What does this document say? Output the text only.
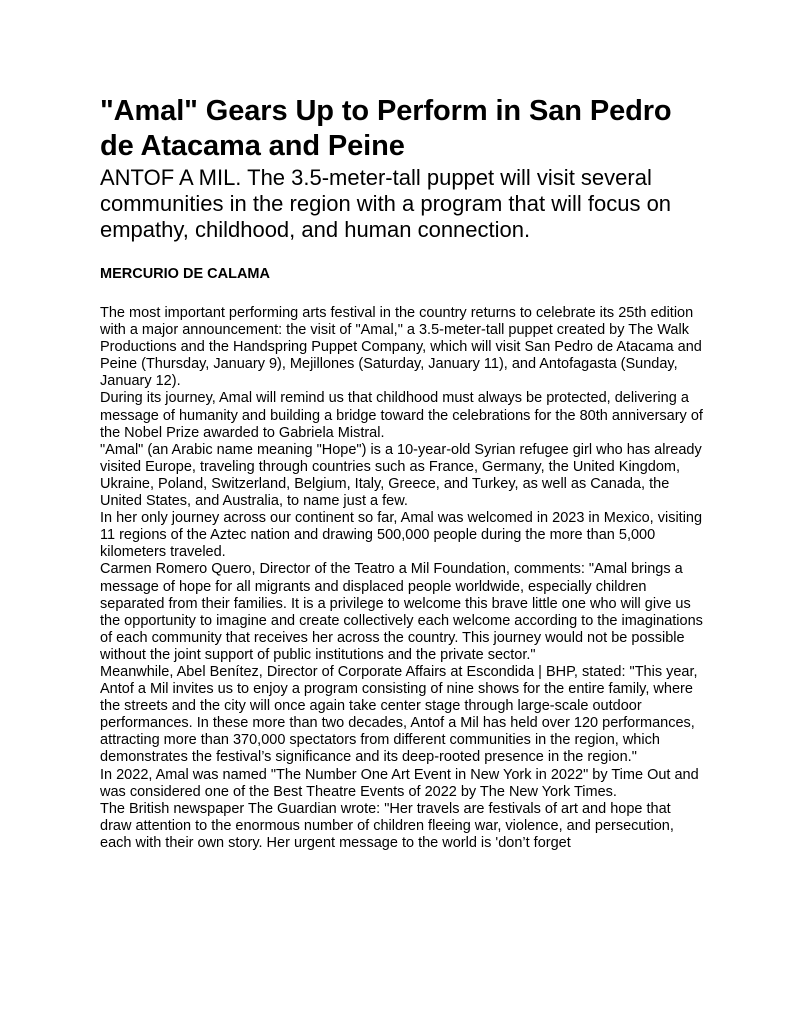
"Amal" Gears Up to Perform in San Pedro de Atacama and Peine
ANTOF A MIL. The 3.5-meter-tall puppet will visit several communities in the region with a program that will focus on empathy, childhood, and human connection.
MERCURIO DE CALAMA

The most important performing arts festival in the country returns to celebrate its 25th edition with a major announcement: the visit of "Amal," a 3.5-meter-tall puppet created by The Walk Productions and the Handspring Puppet Company, which will visit San Pedro de Atacama and Peine (Thursday, January 9), Mejillones (Saturday, January 11), and Antofagasta (Sunday, January 12).

During its journey, Amal will remind us that childhood must always be protected, delivering a message of humanity and building a bridge toward the celebrations for the 80th anniversary of the Nobel Prize awarded to Gabriela Mistral.

"Amal" (an Arabic name meaning "Hope") is a 10-year-old Syrian refugee girl who has already visited Europe, traveling through countries such as France, Germany, the United Kingdom, Ukraine, Poland, Switzerland, Belgium, Italy, Greece, and Turkey, as well as Canada, the United States, and Australia, to name just a few.

In her only journey across our continent so far, Amal was welcomed in 2023 in Mexico, visiting 11 regions of the Aztec nation and drawing 500,000 people during the more than 5,000 kilometers traveled.

Carmen Romero Quero, Director of the Teatro a Mil Foundation, comments: "Amal brings a message of hope for all migrants and displaced people worldwide, especially children separated from their families. It is a privilege to welcome this brave little one who will give us the opportunity to imagine and create collectively each welcome according to the imaginations of each community that receives her across the country. This journey would not be possible without the joint support of public institutions and the private sector."

Meanwhile, Abel Benítez, Director of Corporate Affairs at Escondida | BHP, stated: "This year, Antof a Mil invites us to enjoy a program consisting of nine shows for the entire family, where the streets and the city will once again take center stage through large-scale outdoor performances. In these more than two decades, Antof a Mil has held over 120 performances, attracting more than 370,000 spectators from different communities in the region, which demonstrates the festival’s significance and its deep-rooted presence in the region."

In 2022, Amal was named "The Number One Art Event in New York in 2022" by Time Out and was considered one of the Best Theatre Events of 2022 by The New York Times.

The British newspaper The Guardian wrote: "Her travels are festivals of art and hope that draw attention to the enormous number of children fleeing war, violence, and persecution, each with their own story. Her urgent message to the world is 'don’t forget
